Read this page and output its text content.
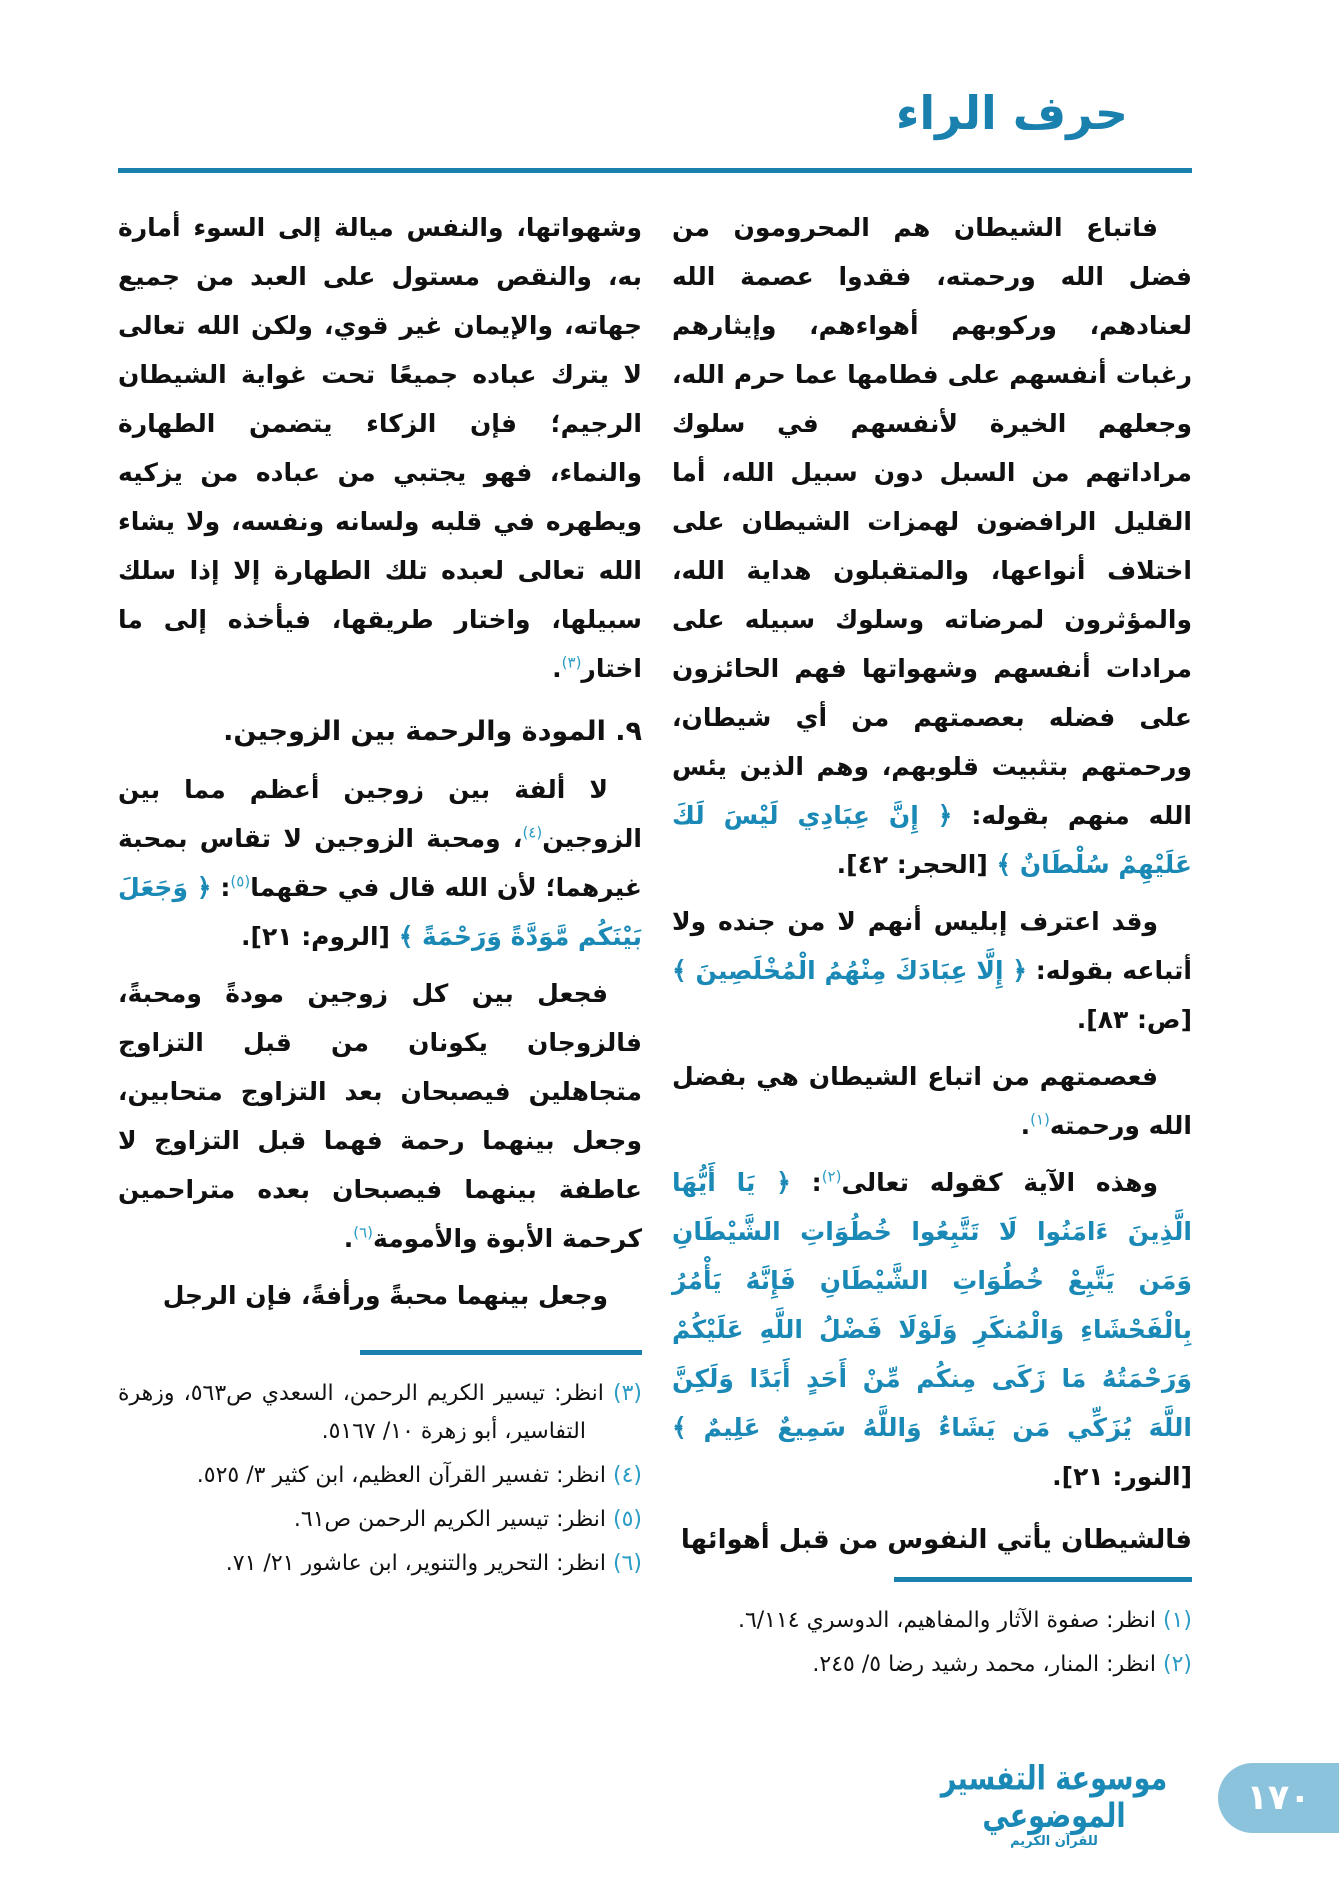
حرف الراء

فاتباع الشيطان هم المحرومون من فضل الله ورحمته، فقدوا عصمة الله لعنادهم، وركوبهم أهواءهم، وإيثارهم رغبات أنفسهم على فطامها عما حرم الله، وجعلهم الخيرة لأنفسهم في سلوك مراداتهم من السبل دون سبيل الله، أما القليل الرافضون لهمزات الشيطان على اختلاف أنواعها، والمتقبلون هداية الله، والمؤثرون لمرضاته وسلوك سبيله على مرادات أنفسهم وشهواتها فهم الحائزون على فضله بعصمتهم من أي شيطان، ورحمتهم بتثبيت قلوبهم، وهم الذين يئس الله منهم بقوله: ﴿ إِنَّ عِبَادِي لَيْسَ لَكَ عَلَيْهِمْ سُلْطَانٌ ﴾ [الحجر: ٤٢].

وقد اعترف إبليس أنهم لا من جنده ولا أتباعه بقوله: ﴿ إِلَّا عِبَادَكَ مِنْهُمُ الْمُخْلَصِينَ ﴾ [ص: ٨٣].

فعصمتهم من اتباع الشيطان هي بفضل الله ورحمته$^{(١)}$.

وهذه الآية كقوله تعالى$^{(٢)}$: ﴿ يَا أَيُّهَا الَّذِينَ ءَامَنُوا لَا تَتَّبِعُوا خُطُوَاتِ الشَّيْطَانِ وَمَن يَتَّبِعْ خُطُوَاتِ الشَّيْطَانِ فَإِنَّهُ يَأْمُرُ بِالْفَحْشَاءِ وَالْمُنكَرِ وَلَوْلَا فَضْلُ اللَّهِ عَلَيْكُمْ وَرَحْمَتُهُ مَا زَكَى مِنكُم مِّنْ أَحَدٍ أَبَدًا وَلَكِنَّ اللَّهَ يُزَكِّي مَن يَشَاءُ وَاللَّهُ سَمِيعٌ عَلِيمٌ ﴾ [النور: ٢١].

فالشيطان يأتي النفوس من قبل أهوائها

(١) انظر: صفوة الآثار والمفاهيم، الدوسري ٦/١١٤.

(٢) انظر: المنار، محمد رشيد رضا ٥/ ٢٤٥.

وشهواتها، والنفس ميالة إلى السوء أمارة به، والنقص مستول على العبد من جميع جهاته، والإيمان غير قوي، ولكن الله تعالى لا يترك عباده جميعًا تحت غواية الشيطان الرجيم؛ فإن الزكاء يتضمن الطهارة والنماء، فهو يجتبي من عباده من يزكيه ويطهره في قلبه ولسانه ونفسه، ولا يشاء الله تعالى لعبده تلك الطهارة إلا إذا سلك سبيلها، واختار طريقها، فيأخذه إلى ما اختار$^{(٣)}$.

٩. المودة والرحمة بين الزوجين.

لا ألفة بين زوجين أعظم مما بين الزوجين$^{(٤)}$، ومحبة الزوجين لا تقاس بمحبة غيرهما؛ لأن الله قال في حقهما$^{(٥)}$: ﴿ وَجَعَلَ بَيْنَكُم مَّوَدَّةً وَرَحْمَةً ﴾ [الروم: ٢١].

فجعل بين كل زوجين مودةً ومحبةً، فالزوجان يكونان من قبل التزاوج متجاهلين فيصبحان بعد التزاوج متحابين، وجعل بينهما رحمة فهما قبل التزاوج لا عاطفة بينهما فيصبحان بعده متراحمين كرحمة الأبوة والأمومة$^{(٦)}$.

وجعل بينهما محبةً ورأفةً، فإن الرجل

(٣) انظر: تيسير الكريم الرحمن، السعدي ص٥٦٣، وزهرة التفاسير، أبو زهرة ١٠/ ٥١٦٧.

(٤) انظر: تفسير القرآن العظيم، ابن كثير ٣/ ٥٢٥.

(٥) انظر: تيسير الكريم الرحمن ص٦١.

(٦) انظر: التحرير والتنوير، ابن عاشور ٢١/ ٧١.

موسوعة التفسير الموضوعي
للقرآن الكريم
١٧٠
